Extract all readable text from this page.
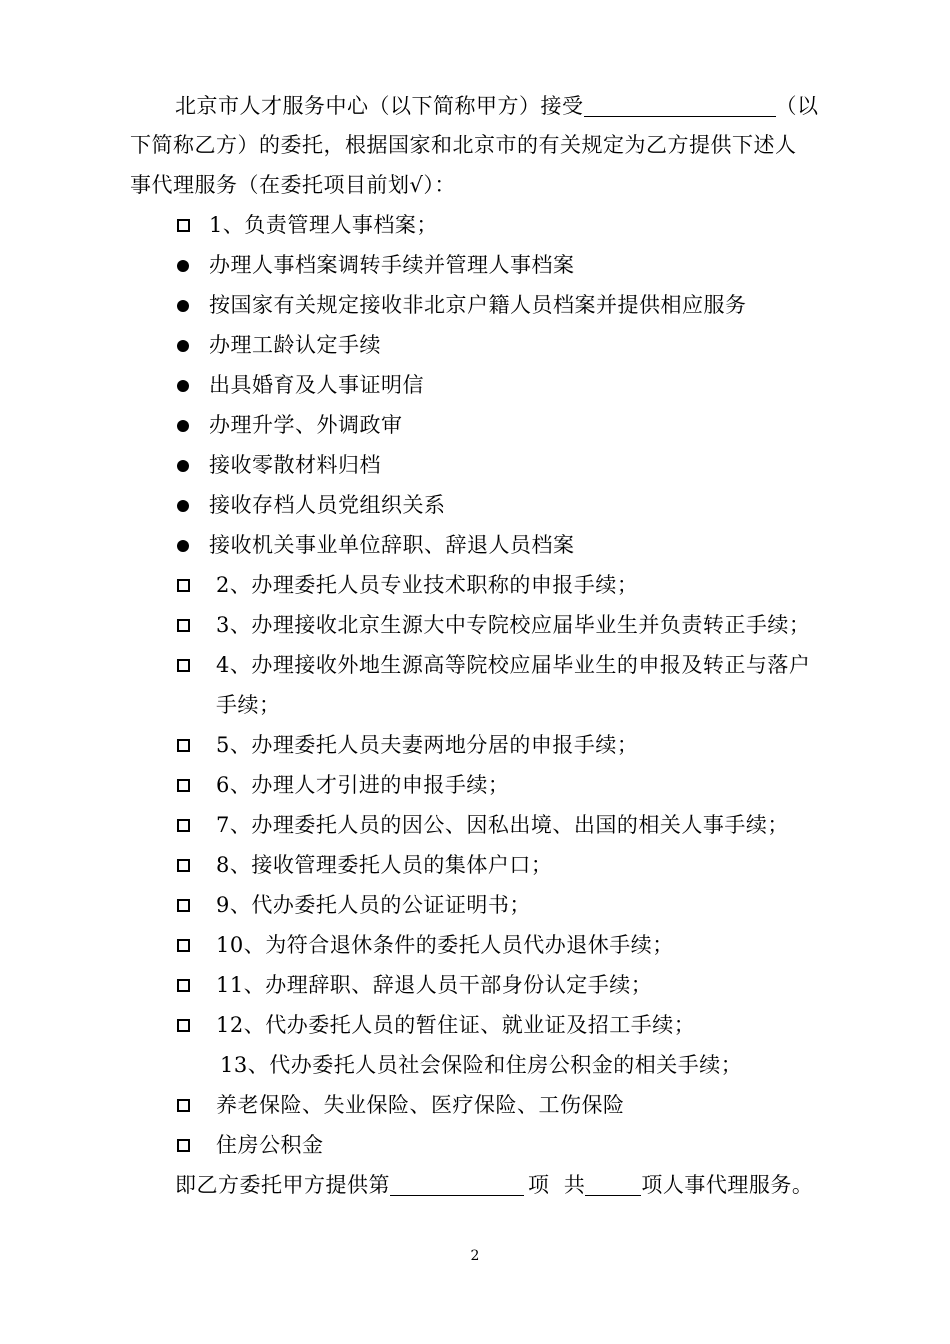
北京市人才服务中心（以下简称甲方）接受	（以
下简称乙方）的委托，根据国家和北京市的有关规定为乙方提供下述人
事代理服务（在委托项目前划√）：
1、负责管理人事档案；
办理人事档案调转手续并管理人事档案
按国家有关规定接收非北京户籍人员档案并提供相应服务
办理工龄认定手续
出具婚育及人事证明信
办理升学、外调政审
接收零散材料归档
接收存档人员党组织关系
接收机关事业单位辞职、辞退人员档案
2、办理委托人员专业技术职称的申报手续；
3、办理接收北京生源大中专院校应届毕业生并负责转正手续；
4、办理接收外地生源高等院校应届毕业生的申报及转正与落户
手续；
5、办理委托人员夫妻两地分居的申报手续；
6、办理人才引进的申报手续；
7、办理委托人员的因公、因私出境、出国的相关人事手续；
8、接收管理委托人员的集体户口；
9、代办委托人员的公证证明书；
10、为符合退休条件的委托人员代办退休手续；
11、办理辞职、辞退人员干部身份认定手续；
12、代办委托人员的暂住证、就业证及招工手续；
13、代办委托人员社会保险和住房公积金的相关手续；
养老保险、失业保险、医疗保险、工伤保险
住房公积金
即乙方委托甲方提供第	项  共	项人事代理服务。
2
